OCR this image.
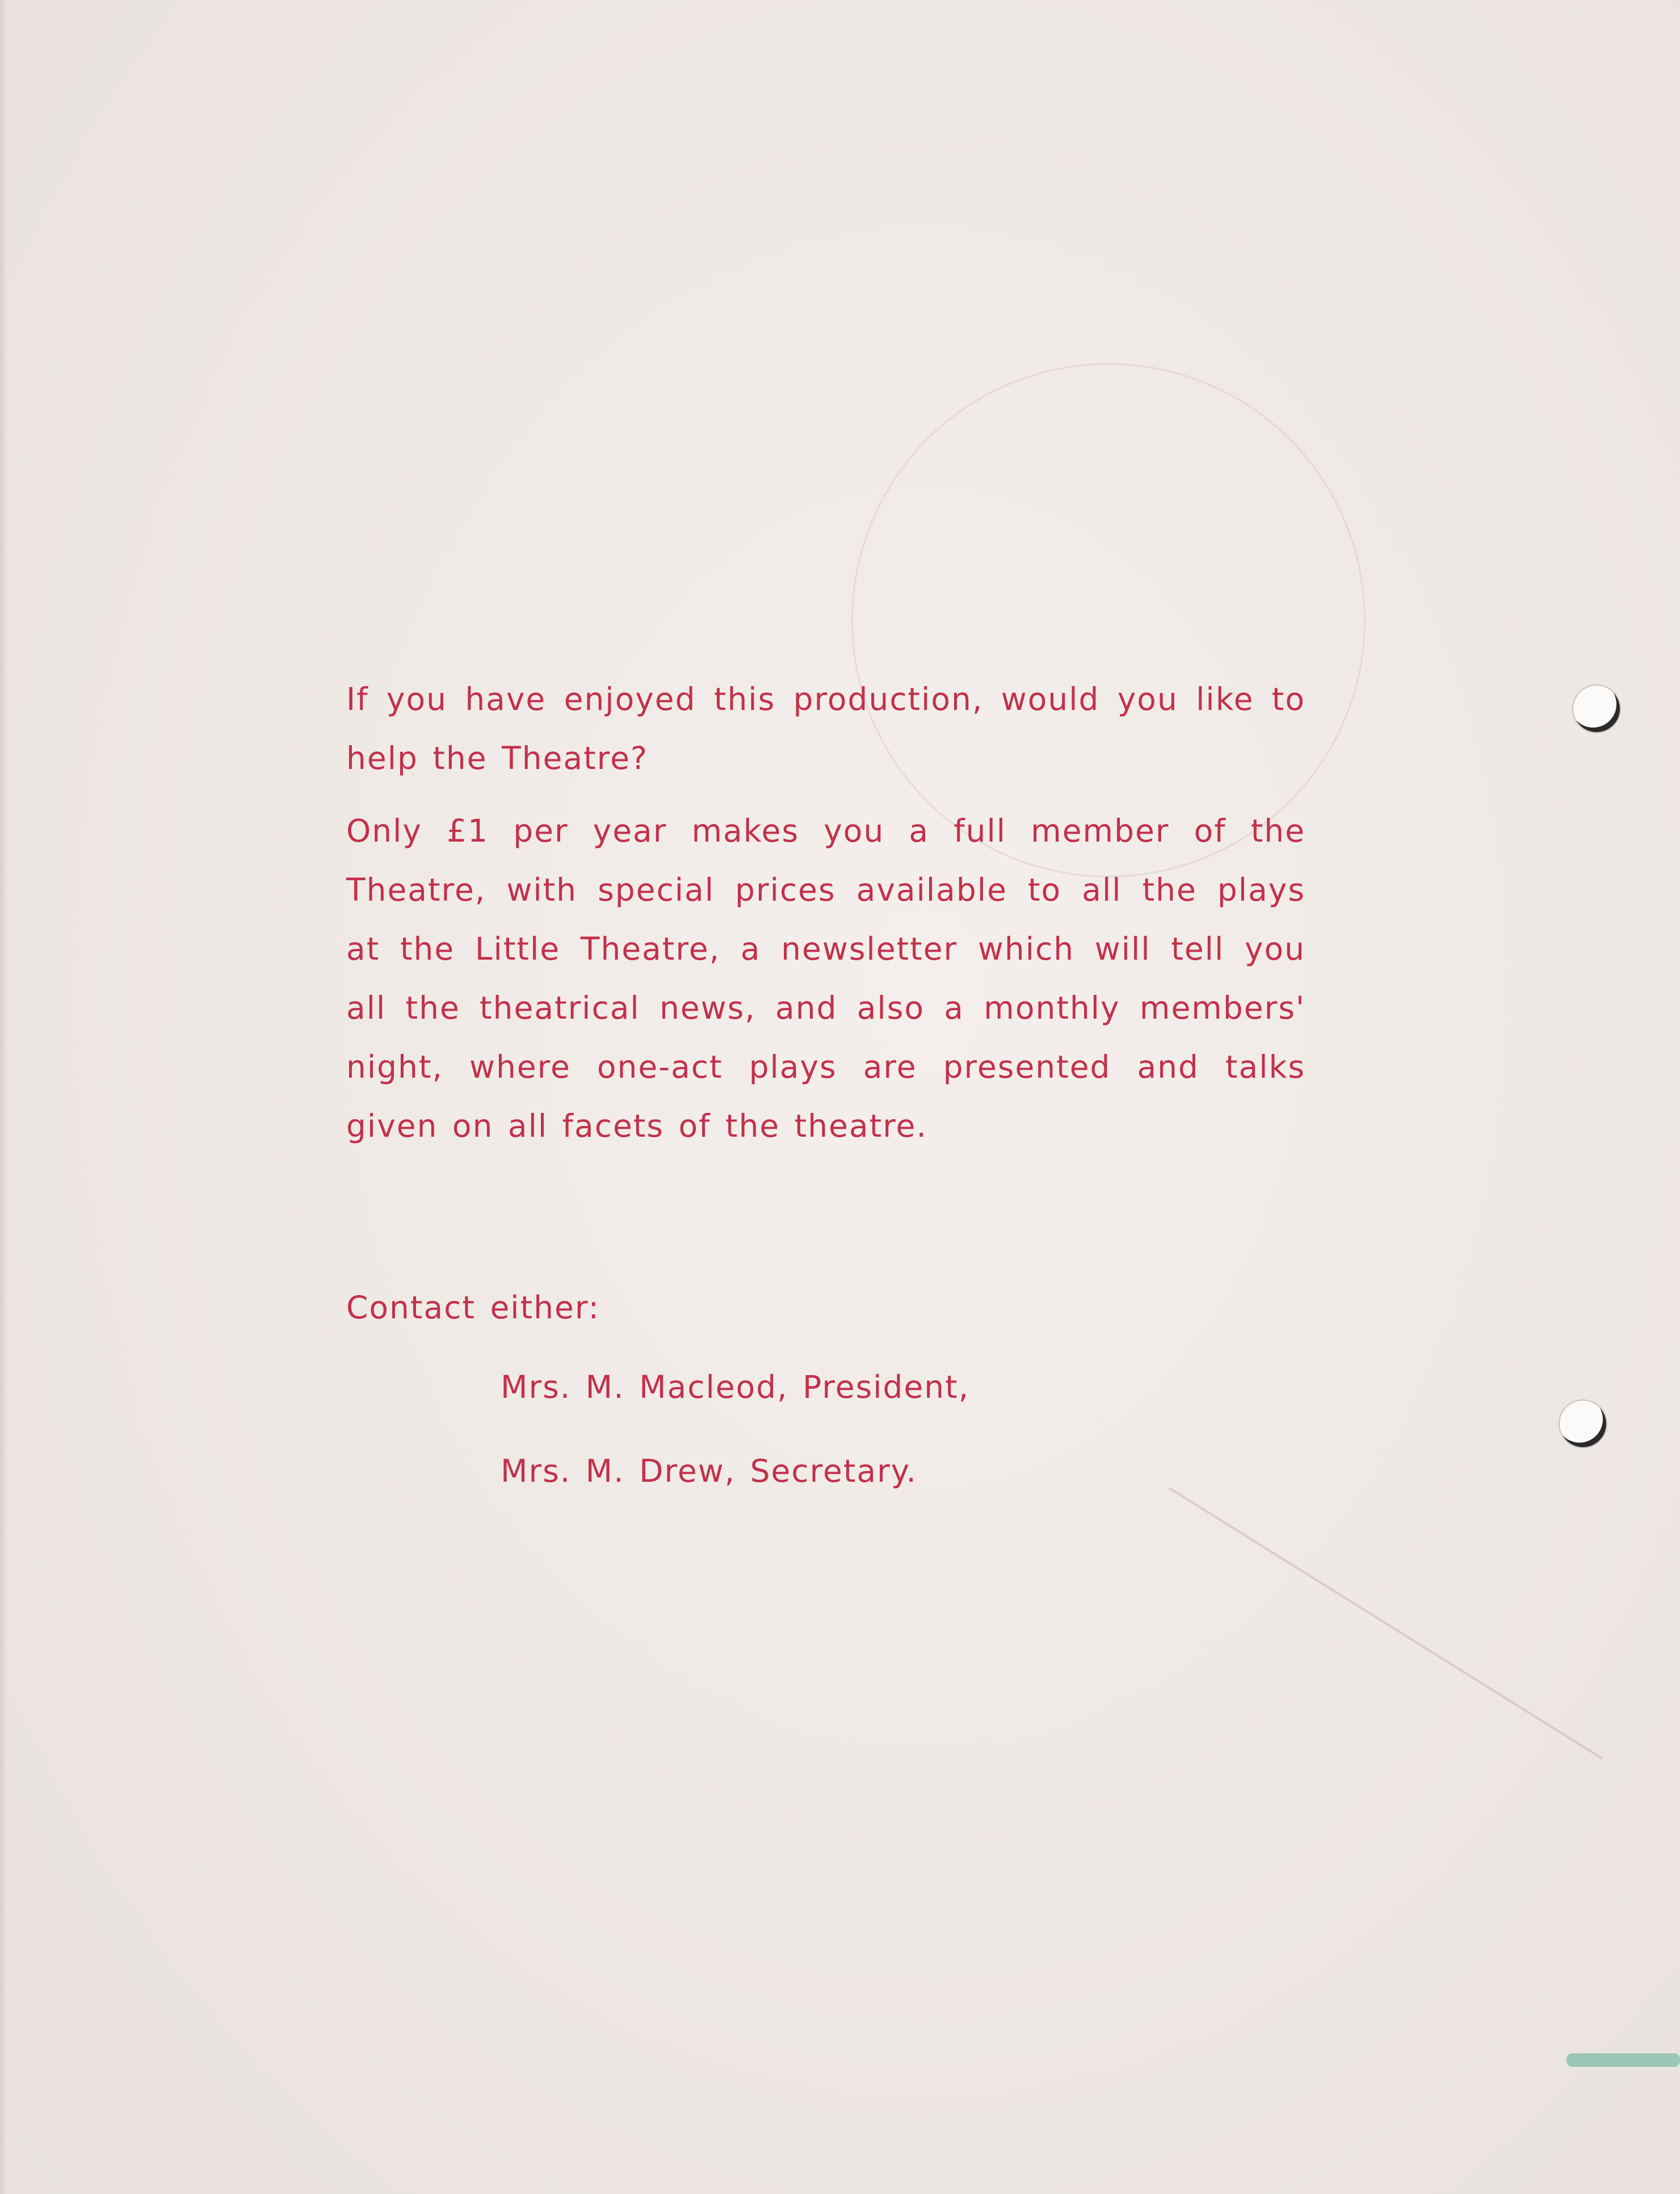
If you have enjoyed this production, would you like to help the Theatre?

Only £1 per year makes you a full member of the Theatre, with special prices available to all the plays at the Little Theatre, a newsletter which will tell you all the theatrical news, and also a monthly members' night, where one-act plays are presented and talks given on all facets of the theatre.

Contact either:

Mrs. M. Macleod, President,

Mrs. M. Drew, Secretary.
